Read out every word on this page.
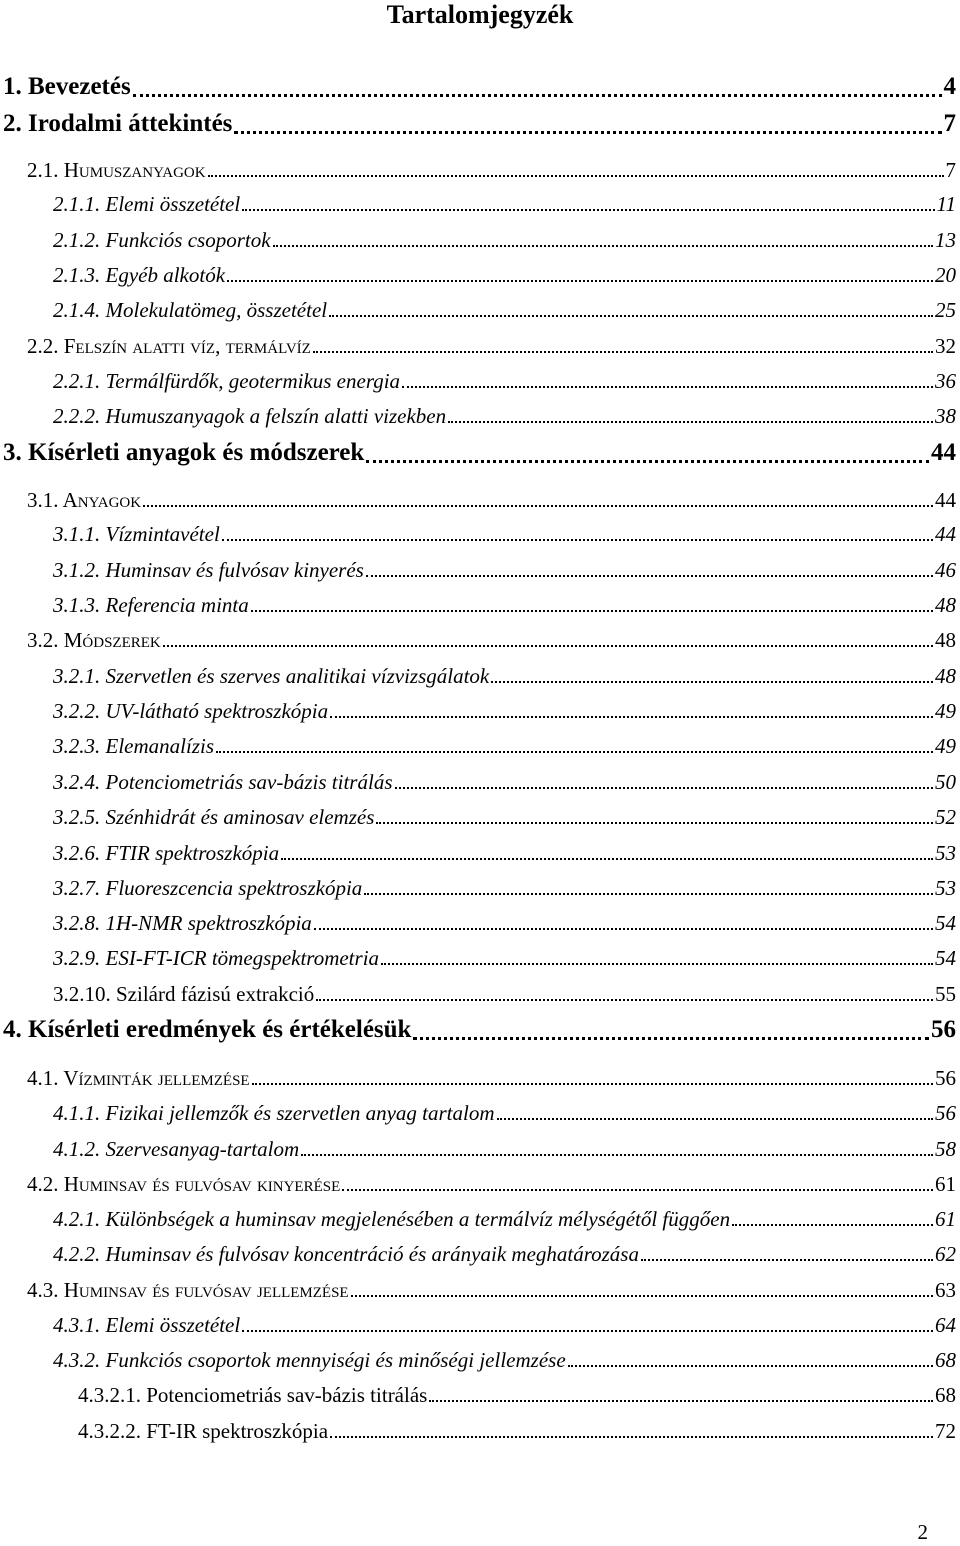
Tartalomjegyzék
1. Bevezetés	4
2. Irodalmi áttekintés	7
2.1. Humuszanyagok	7
2.1.1. Elemi összetétel	11
2.1.2. Funkciós csoportok	13
2.1.3. Egyéb alkotók	20
2.1.4. Molekulatömeg, összetétel	25
2.2. Felszín alatti víz, termálvíz	32
2.2.1. Termálfürdők, geotermikus energia	36
2.2.2. Humuszanyagok a felszín alatti vizekben	38
3. Kísérleti anyagok és módszerek	44
3.1. Anyagok	44
3.1.1. Vízmintavétel	44
3.1.2. Huminsav és fulvósav kinyerés	46
3.1.3. Referencia minta	48
3.2. Módszerek	48
3.2.1. Szervetlen és szerves analitikai vízvizsgálatok	48
3.2.2. UV-látható spektroszkópia	49
3.2.3. Elemanalízis	49
3.2.4. Potenciometriás sav-bázis titrálás	50
3.2.5. Szénhidrát és aminosav elemzés	52
3.2.6. FTIR spektroszkópia	53
3.2.7. Fluoreszcencia spektroszkópia	53
3.2.8. 1H-NMR spektroszkópia	54
3.2.9. ESI-FT-ICR tömegspektrometria	54
3.2.10. Szilárd fázisú extrakció	55
4. Kísérleti eredmények és értékelésük	56
4.1. Vízminták jellemzése	56
4.1.1. Fizikai jellemzők és szervetlen anyag tartalom	56
4.1.2. Szervesanyag-tartalom	58
4.2. Huminsav és fulvósav kinyerése	61
4.2.1. Különbségek a huminsav megjelenésében a termálvíz mélységétől függően	61
4.2.2. Huminsav és fulvósav koncentráció és arányaik meghatározása	62
4.3. Huminsav és fulvósav jellemzése	63
4.3.1. Elemi összetétel	64
4.3.2. Funkciós csoportok mennyiségi és minőségi jellemzése	68
4.3.2.1. Potenciometriás sav-bázis titrálás	68
4.3.2.2. FT-IR spektroszkópia	72
2
